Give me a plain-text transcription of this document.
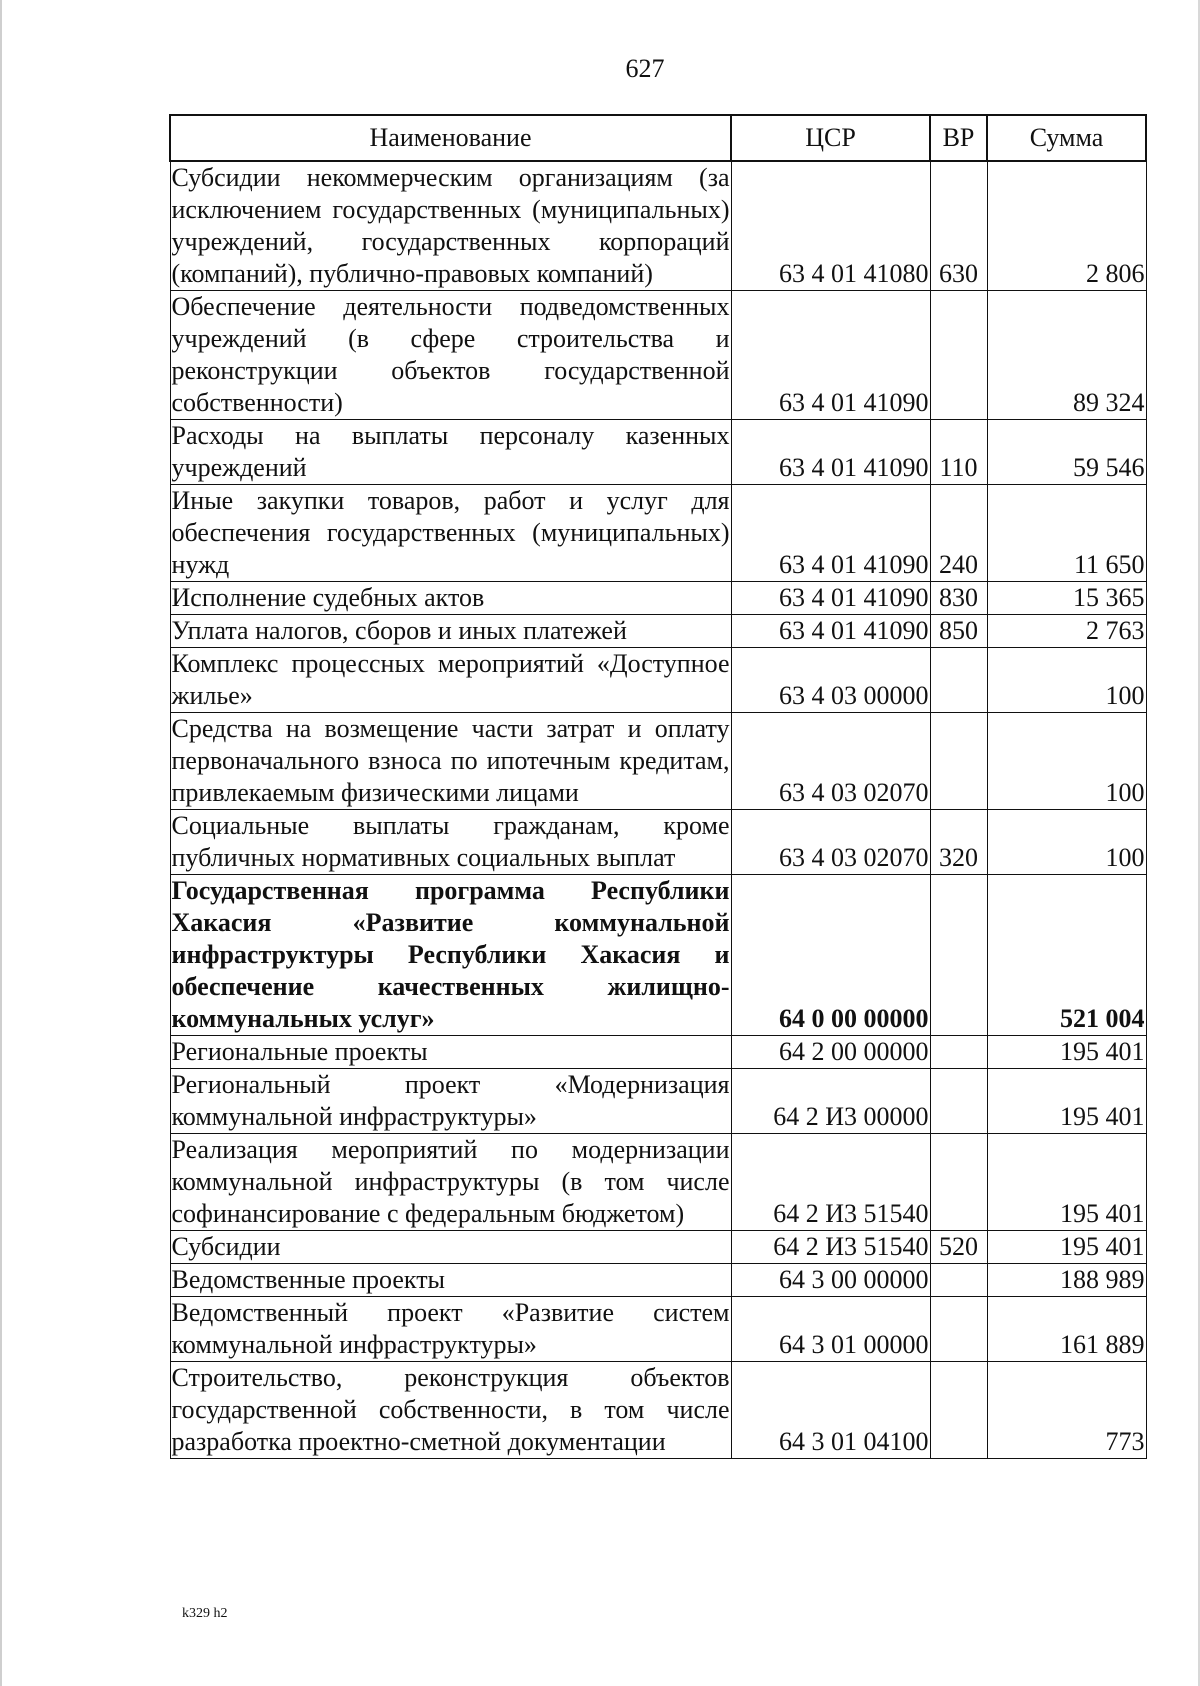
627
Наименование	ЦСР	ВР	Сумма
Субсидии некоммерческим организациям (за исключением государственных (муниципальных) учреждений, государственных корпораций (компаний), публично-правовых компаний)	63 4 01 41080	630	2 806
Обеспечение деятельности подведомственных учреждений (в сфере строительства и реконструкции объектов государственной собственности)	63 4 01 41090		89 324
Расходы на выплаты персоналу казенных учреждений	63 4 01 41090	110	59 546
Иные закупки товаров, работ и услуг для обеспечения государственных (муниципальных) нужд	63 4 01 41090	240	11 650
Исполнение судебных актов	63 4 01 41090	830	15 365
Уплата налогов, сборов и иных платежей	63 4 01 41090	850	2 763
Комплекс процессных мероприятий «Доступное жилье»	63 4 03 00000		100
Средства на возмещение части затрат и оплату первоначального взноса по ипотечным кредитам, привлекаемым физическими лицами	63 4 03 02070		100
Социальные выплаты гражданам, кроме публичных нормативных социальных выплат	63 4 03 02070	320	100
Государственная программа Республики Хакасия «Развитие коммунальной инфраструктуры Республики Хакасия и обеспечение качественных жилищно-коммунальных услуг»	64 0 00 00000		521 004
Региональные проекты	64 2 00 00000		195 401
Региональный проект «Модернизация коммунальной инфраструктуры»	64 2 И3 00000		195 401
Реализация мероприятий по модернизации коммунальной инфраструктуры (в том числе софинансирование с федеральным бюджетом)	64 2 И3 51540		195 401
Субсидии	64 2 И3 51540	520	195 401
Ведомственные проекты	64 3 00 00000		188 989
Ведомственный проект «Развитие систем коммунальной инфраструктуры»	64 3 01 00000		161 889
Строительство, реконструкция объектов государственной собственности, в том числе разработка проектно-сметной документации	64 3 01 04100		773
k329 h2
